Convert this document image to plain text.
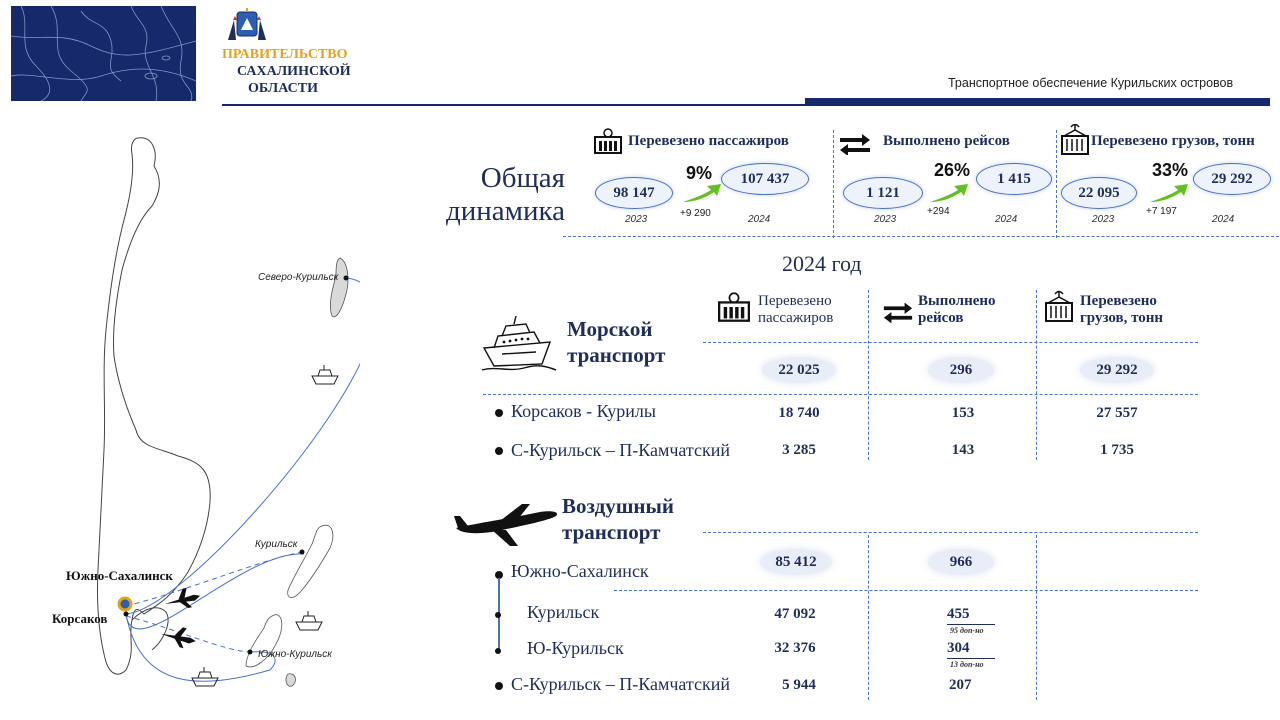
ПРАВИТЕЛЬСТВО
САХАЛИНСКОЙ
ОБЛАСТИ	Транспортное обеспечение Курильских островов
Северо-Курильск
Курильск
Южно-Курильск
Южно-Сахалинск
Корсаков
Общая
динамика
Перевезено пассажиров
98 147
107 437
9%
+9 290
2023	2024
Выполнено рейсов
1 121
1 415
26%
+294
2023	2024
Перевезено грузов, тонн
22 095
29 292
33%
+7 197
2023	2024
2024 год
Перевезено
пассажиров
Выполнено
рейсов
Перевезено
грузов, тонн
Морской
транспорт
22 025	296	29 292
Корсаков - Курилы	18 740	153	27 557
С-Курильск – П-Камчатский	3 285	143	1 735
Воздушный
транспорт
Южно-Сахалинск	85 412	966
Курильск	47 092	455
95 доп-но
Ю-Курильск	32 376	304
13 доп-но
С-Курильск – П-Камчатский	5 944	207
